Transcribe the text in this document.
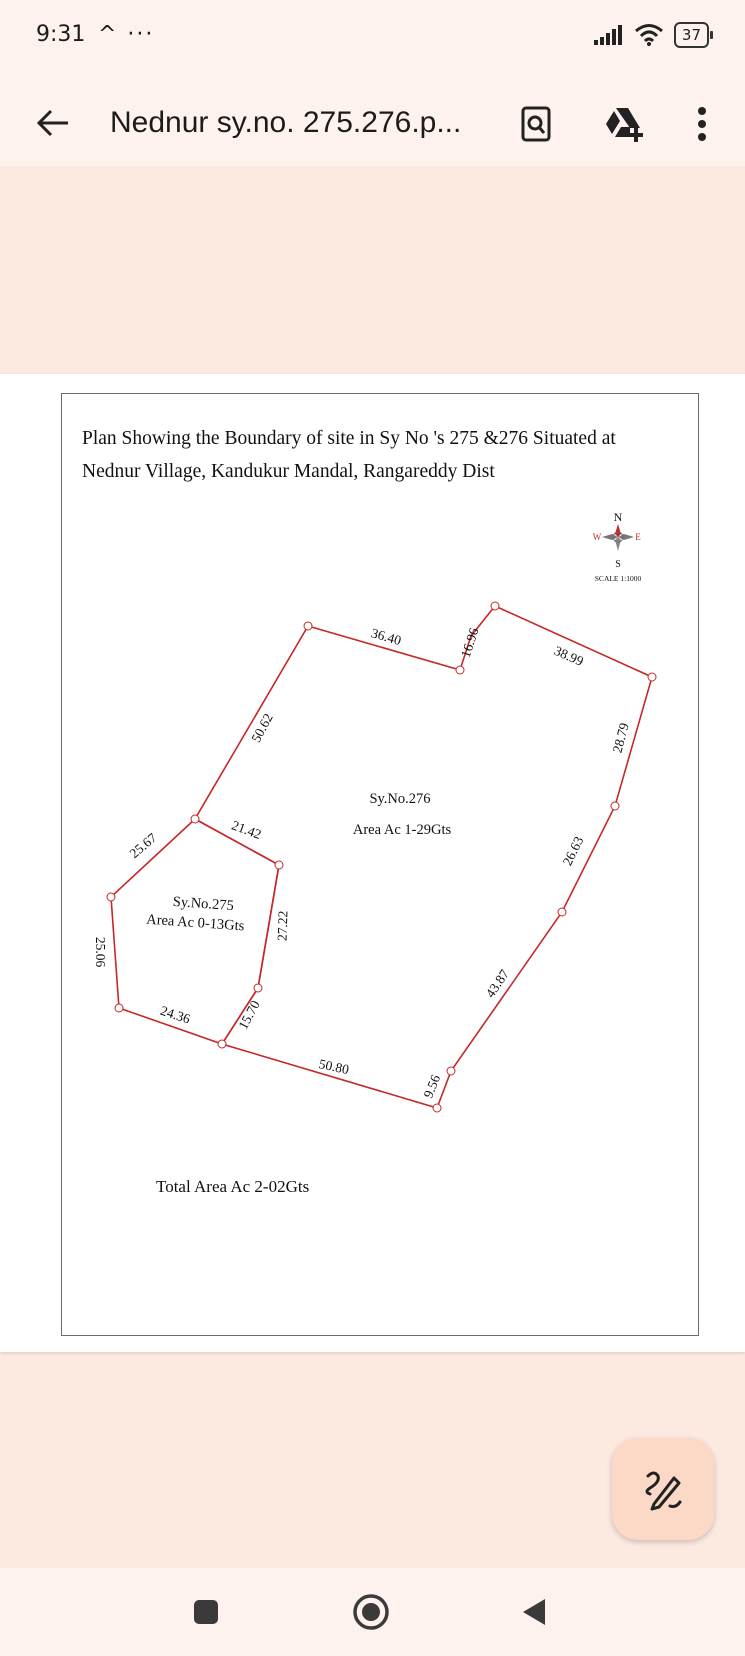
9:31 ^ ···	37
Nednur sy.no. 275.276.p...
Plan Showing the Boundary of site in Sy No 's 275 &276 Situated at
Nednur Village, Kandukur Mandal, Rangareddy Dist
N
S
W	E
SCALE 1:1000
36.40	16.96	38.99
50.62	28.79
21.42
25.67	26.63
27.22
25.06
43.87
24.36	15.70
50.80
9.56
Sy.No.276
Area Ac 1-29Gts
Sy.No.275
Area Ac 0-13Gts
Total Area Ac 2-02Gts
